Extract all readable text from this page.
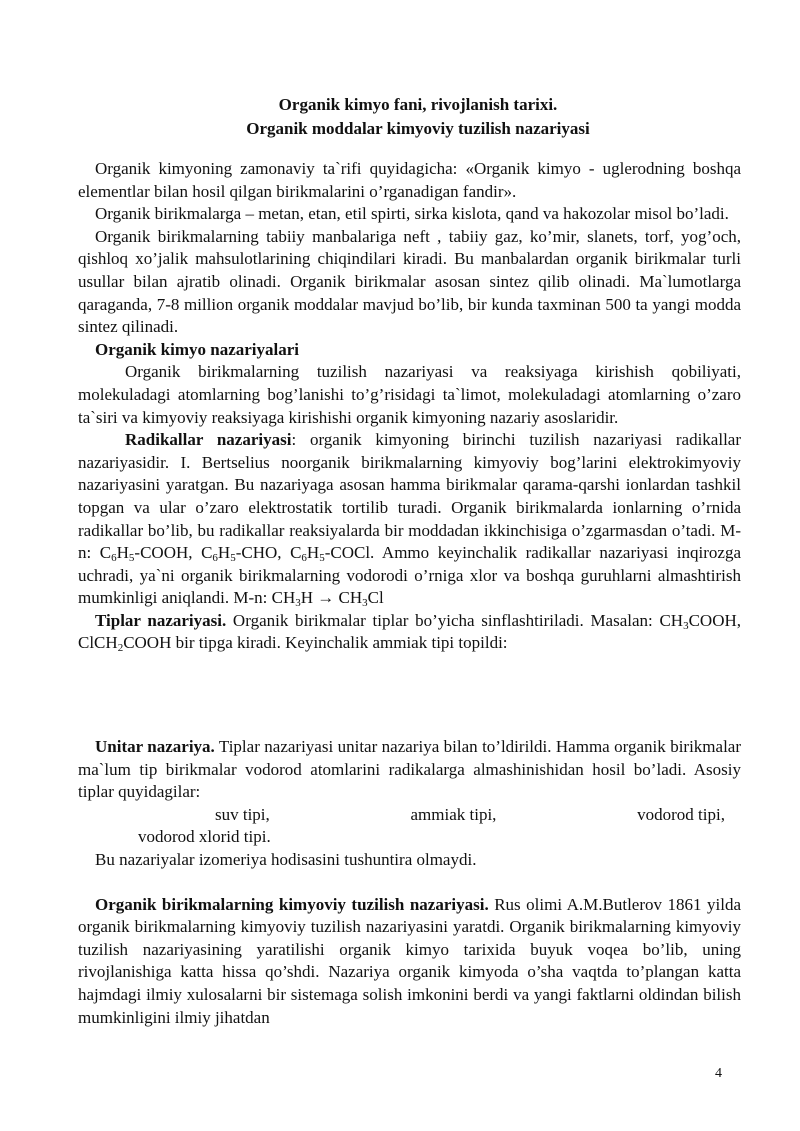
Organik kimyo fani, rivojlanish tarixi.
Organik moddalar kimyoviy tuzilish nazariyasi

Organik kimyoning zamonaviy ta`rifi quyidagicha: «Organik kimyo - uglerodning boshqa elementlar bilan hosil qilgan birikmalarini o’rganadigan fandir».

Organik birikmalarga – metan, etan, etil spirti, sirka kislota, qand va hakozolar misol bo’ladi.

Organik birikmalarning tabiiy manbalariga neft , tabiiy gaz, ko’mir, slanets, torf, yog’och, qishloq xo’jalik mahsulotlarining chiqindilari kiradi. Bu manbalardan organik birikmalar turli usullar bilan ajratib olinadi. Organik birikmalar asosan sintez qilib olinadi. Ma`lumotlarga qaraganda, 7-8 million organik moddalar mavjud bo’lib, bir kunda taxminan 500 ta yangi modda sintez qilinadi.

Organik kimyo nazariyalari

Organik birikmalarning tuzilish nazariyasi va reaksiyaga kirishish qobiliyati, molekuladagi atomlarning bog’lanishi to’g’risidagi ta`limot, molekuladagi atomlarning o’zaro ta`siri va kimyoviy reaksiyaga kirishishi organik kimyoning nazariy asoslaridir.

Radikallar nazariyasi: organik kimyoning birinchi tuzilish nazariyasi radikallar nazariyasidir. I. Bertselius noorganik birikmalarning kimyoviy bog’larini elektrokimyoviy nazariyasini yaratgan. Bu nazariyaga asosan hamma birikmalar qarama-qarshi ionlardan tashkil topgan va ular o’zaro elektrostatik tortilib turadi. Organik birikmalarda ionlarning o’rnida radikallar bo’lib, bu radikallar reaksiyalarda bir moddadan ikkinchisiga o’zgarmasdan o’tadi. M-n: $C_6H_5$-COOH, $C_6H_5$-CHO, $C_6H_5$-COCl. Ammo keyinchalik radikallar nazariyasi inqirozga uchradi, ya`ni organik birikmalarning vodorodi o’rniga xlor va boshqa guruhlarni almashtirish mumkinligi aniqlandi. M-n: $CH_3H \to CH_3Cl$

Tiplar nazariyasi. Organik birikmalar tiplar bo’yicha sinflashtiriladi. Masalan: $CH_3COOH$, ClCH$_2$COOH bir tipga kiradi. Keyinchalik ammiak tipi topildi:

Unitar nazariya. Tiplar nazariyasi unitar nazariya bilan to’ldirildi. Hamma organik birikmalar ma`lum tip birikmalar vodorod atomlarini radikalarga almashinishidan hosil bo’ladi. Asosiy tiplar quyidagilar:

suv tipi,	ammiak tipi,	vodorod tipi,
vodorod xlorid tipi.

Bu nazariyalar izomeriya hodisasini tushuntira olmaydi.

Organik birikmalarning kimyoviy tuzilish nazariyasi. Rus olimi A.M.Butlerov 1861 yilda organik birikmalarning kimyoviy tuzilish nazariyasini yaratdi. Organik birikmalarning kimyoviy tuzilish nazariyasining yaratilishi organik kimyo tarixida buyuk voqea bo’lib, uning rivojlanishiga katta hissa qo’shdi. Nazariya organik kimyoda o’sha vaqtda to’plangan katta hajmdagi ilmiy xulosalarni bir sistemaga solish imkonini berdi va yangi faktlarni oldindan bilish mumkinligini ilmiy jihatdan

4
